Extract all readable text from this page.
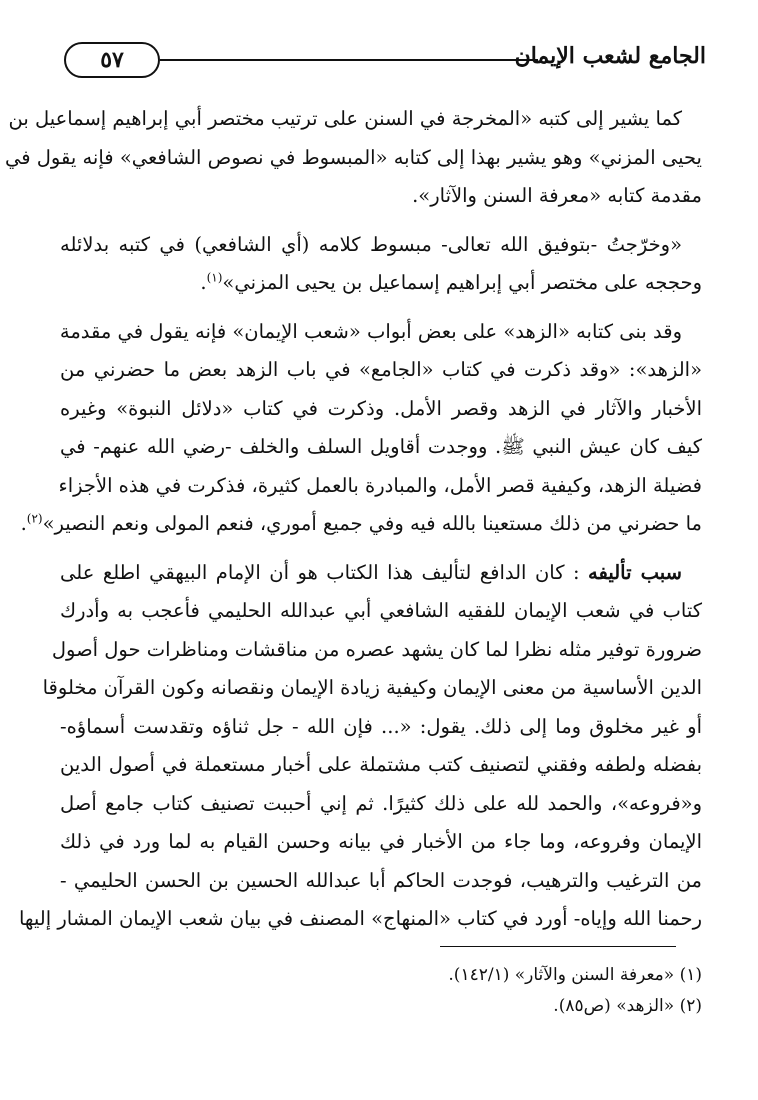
٥٧	الجامع لشعب الإيمان

كما يشير إلى كتبه «المخرجة في السنن على ترتيب مختصر أبي إبراهيم إسماعيل بن
يحيى المزني» وهو يشير بهذا إلى كتابه «المبسوط في نصوص الشافعي» فإنه يقول في
مقدمة كتابه «معرفة السنن والآثار».

«وخرّجتُ -بتوفيق الله تعالى- مبسوط كلامه (أي الشافعي) في كتبه بدلائله
وحججه على مختصر أبي إبراهيم إسماعيل بن يحيى المزني»$^{(١)}$.

وقد بنى كتابه «الزهد» على بعض أبواب «شعب الإيمان» فإنه يقول في مقدمة
«الزهد»: «وقد ذكرت في كتاب «الجامع» في باب الزهد بعض ما حضرني من
الأخبار والآثار في الزهد وقصر الأمل. وذكرت في كتاب «دلائل النبوة» وغيره
كيف كان عيش النبي ﷺ. ووجدت أقاويل السلف والخلف -رضي الله عنهم- في
فضيلة الزهد، وكيفية قصر الأمل، والمبادرة بالعمل كثيرة، فذكرت في هذه الأجزاء
ما حضرني من ذلك مستعينا بالله فيه وفي جميع أموري، فنعم المولى ونعم النصير»$^{(٢)}$.

سبب تأليفه : كان الدافع لتأليف هذا الكتاب هو أن الإمام البيهقي اطلع على
كتاب في شعب الإيمان للفقيه الشافعي أبي عبدالله الحليمي فأعجب به وأدرك
ضرورة توفير مثله نظرا لما كان يشهد عصره من مناقشات ومناظرات حول أصول
الدين الأساسية من معنى الإيمان وكيفية زيادة الإيمان ونقصانه وكون القرآن مخلوقا
أو غير مخلوق وما إلى ذلك. يقول: «... فإن الله - جل ثناؤه وتقدست أسماؤه-
بفضله ولطفه وفقني لتصنيف كتب مشتملة على أخبار مستعملة في أصول الدين
و«فروعه»، والحمد لله على ذلك كثيرًا. ثم إني أحببت تصنيف كتاب جامع أصل
الإيمان وفروعه، وما جاء من الأخبار في بيانه وحسن القيام به لما ورد في ذلك
من الترغيب والترهيب، فوجدت الحاكم أبا عبدالله الحسين بن الحسن الحليمي -
رحمنا الله وإياه- أورد في كتاب «المنهاج» المصنف في بيان شعب الإيمان المشار إليها

(١) «معرفة السنن والآثار» (١٤٢/١).
(٢) «الزهد» (ص٨٥).
